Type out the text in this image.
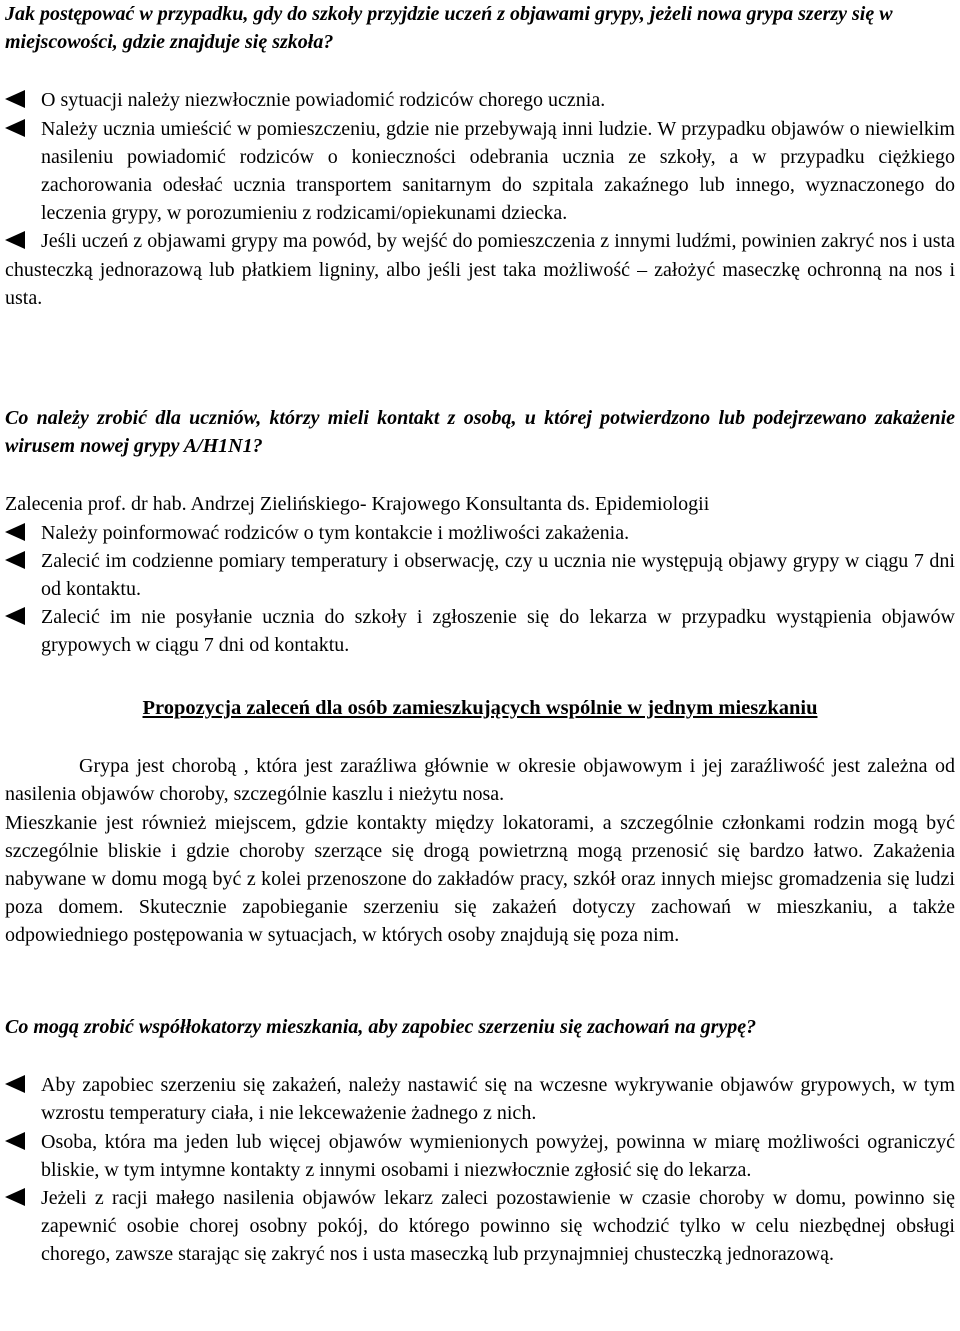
Jak postępować w przypadku, gdy do szkoły przyjdzie uczeń z objawami grypy, jeżeli nowa grypa szerzy się w miejscowości, gdzie znajduje się szkoła?

O sytuacji należy niezwłocznie powiadomić rodziców chorego ucznia.

Należy ucznia umieścić w pomieszczeniu, gdzie nie przebywają inni ludzie. W przypadku objawów o niewielkim nasileniu powiadomić rodziców o konieczności odebrania ucznia ze szkoły, a w przypadku ciężkiego zachorowania odesłać ucznia transportem sanitarnym do szpitala zakaźnego lub innego, wyznaczonego do leczenia grypy, w porozumieniu z rodzicami/opiekunami dziecka.

Jeśli uczeń z objawami grypy ma powód, by wejść do pomieszczenia z innymi ludźmi, powinien zakryć nos i usta chusteczką jednorazową lub płatkiem ligniny, albo jeśli jest taka możliwość – założyć maseczkę ochronną na nos i usta.

Co należy zrobić dla uczniów, którzy mieli kontakt z osobą, u której potwierdzono lub podejrzewano zakażenie wirusem nowej grypy A/H1N1?

Zalecenia prof. dr hab. Andrzej Zielińskiego- Krajowego Konsultanta ds. Epidemiologii

Należy poinformować rodziców o tym kontakcie i możliwości zakażenia.

Zalecić im codzienne pomiary temperatury i obserwację, czy u ucznia nie występują objawy grypy w ciągu 7 dni od kontaktu.

Zalecić im nie posyłanie ucznia do szkoły i zgłoszenie się do lekarza w przypadku wystąpienia objawów grypowych w ciągu 7 dni od kontaktu.

Propozycja zaleceń dla osób zamieszkujących wspólnie w jednym mieszkaniu

Grypa jest chorobą , która jest zaraźliwa głównie w okresie objawowym i jej zaraźliwość jest zależna od nasilenia objawów choroby, szczególnie kaszlu i nieżytu nosa.

Mieszkanie jest również miejscem, gdzie kontakty między lokatorami, a szczególnie członkami rodzin mogą być szczególnie bliskie i gdzie choroby szerzące się drogą powietrzną mogą przenosić się bardzo łatwo. Zakażenia nabywane w domu mogą być z kolei przenoszone do zakładów pracy, szkół oraz innych miejsc gromadzenia się ludzi poza domem. Skutecznie zapobieganie szerzeniu się zakażeń dotyczy zachowań w mieszkaniu, a także odpowiedniego postępowania w sytuacjach, w których osoby znajdują się poza nim.

Co mogą zrobić współłokatorzy mieszkania, aby zapobiec szerzeniu się zachowań na grypę?

Aby zapobiec szerzeniu się zakażeń, należy nastawić się na wczesne wykrywanie objawów grypowych, w tym wzrostu temperatury ciała, i nie lekceważenie żadnego z nich.

Osoba, która ma jeden lub więcej objawów wymienionych powyżej, powinna w miarę możliwości ograniczyć bliskie, w tym intymne kontakty z innymi osobami i niezwłocznie zgłosić się do lekarza.

Jeżeli z racji małego nasilenia objawów lekarz zaleci pozostawienie w czasie choroby w domu, powinno się zapewnić osobie chorej osobny pokój, do którego powinno się wchodzić tylko w celu niezbędnej obsługi chorego, zawsze starając się zakryć nos i usta maseczką lub przynajmniej chusteczką jednorazową.
